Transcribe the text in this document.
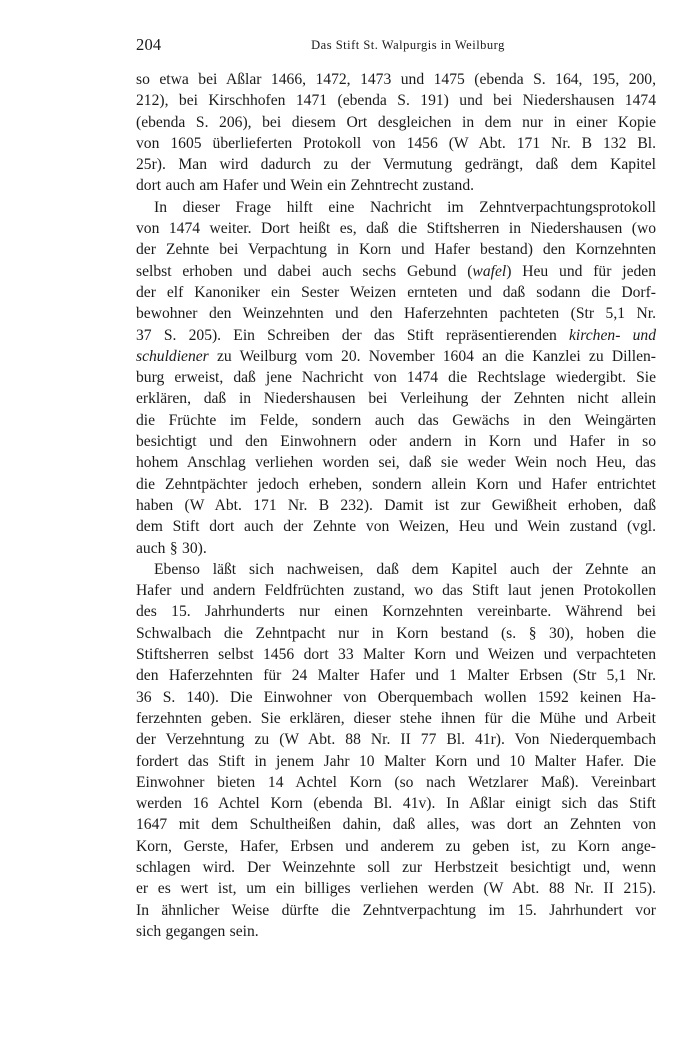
204	Das Stift St. Walpurgis in Weilburg
so etwa bei Aßlar 1466, 1472, 1473 und 1475 (ebenda S. 164, 195, 200,
212), bei Kirschhofen 1471 (ebenda S. 191) und bei Niedershausen 1474
(ebenda S. 206), bei diesem Ort desgleichen in dem nur in einer Kopie
von 1605 überlieferten Protokoll von 1456 (W Abt. 171 Nr. B 132 Bl.
25r). Man wird dadurch zu der Vermutung gedrängt, daß dem Kapitel
dort auch am Hafer und Wein ein Zehntrecht zustand.
In dieser Frage hilft eine Nachricht im Zehntverpachtungsprotokoll
von 1474 weiter. Dort heißt es, daß die Stiftsherren in Niedershausen (wo
der Zehnte bei Verpachtung in Korn und Hafer bestand) den Kornzehnten
selbst erhoben und dabei auch sechs Gebund (wafel) Heu und für jeden
der elf Kanoniker ein Sester Weizen ernteten und daß sodann die Dorf-
bewohner den Weinzehnten und den Haferzehnten pachteten (Str 5,1 Nr.
37 S. 205). Ein Schreiben der das Stift repräsentierenden kirchen- und
schuldiener zu Weilburg vom 20. November 1604 an die Kanzlei zu Dillen-
burg erweist, daß jene Nachricht von 1474 die Rechtslage wiedergibt. Sie
erklären, daß in Niedershausen bei Verleihung der Zehnten nicht allein
die Früchte im Felde, sondern auch das Gewächs in den Weingärten
besichtigt und den Einwohnern oder andern in Korn und Hafer in so
hohem Anschlag verliehen worden sei, daß sie weder Wein noch Heu, das
die Zehntpächter jedoch erheben, sondern allein Korn und Hafer entrichtet
haben (W Abt. 171 Nr. B 232). Damit ist zur Gewißheit erhoben, daß
dem Stift dort auch der Zehnte von Weizen, Heu und Wein zustand (vgl.
auch § 30).
Ebenso läßt sich nachweisen, daß dem Kapitel auch der Zehnte an
Hafer und andern Feldfrüchten zustand, wo das Stift laut jenen Protokollen
des 15. Jahrhunderts nur einen Kornzehnten vereinbarte. Während bei
Schwalbach die Zehntpacht nur in Korn bestand (s. § 30), hoben die
Stiftsherren selbst 1456 dort 33 Malter Korn und Weizen und verpachteten
den Haferzehnten für 24 Malter Hafer und 1 Malter Erbsen (Str 5,1 Nr.
36 S. 140). Die Einwohner von Oberquembach wollen 1592 keinen Ha-
ferzehnten geben. Sie erklären, dieser stehe ihnen für die Mühe und Arbeit
der Verzehntung zu (W Abt. 88 Nr. II 77 Bl. 41r). Von Niederquembach
fordert das Stift in jenem Jahr 10 Malter Korn und 10 Malter Hafer. Die
Einwohner bieten 14 Achtel Korn (so nach Wetzlarer Maß). Vereinbart
werden 16 Achtel Korn (ebenda Bl. 41v). In Aßlar einigt sich das Stift
1647 mit dem Schultheißen dahin, daß alles, was dort an Zehnten von
Korn, Gerste, Hafer, Erbsen und anderem zu geben ist, zu Korn ange-
schlagen wird. Der Weinzehnte soll zur Herbstzeit besichtigt und, wenn
er es wert ist, um ein billiges verliehen werden (W Abt. 88 Nr. II 215).
In ähnlicher Weise dürfte die Zehntverpachtung im 15. Jahrhundert vor
sich gegangen sein.
